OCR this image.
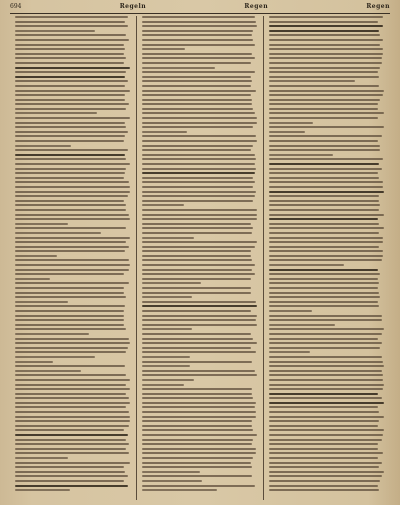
694	Regeln	Regen	Regen
